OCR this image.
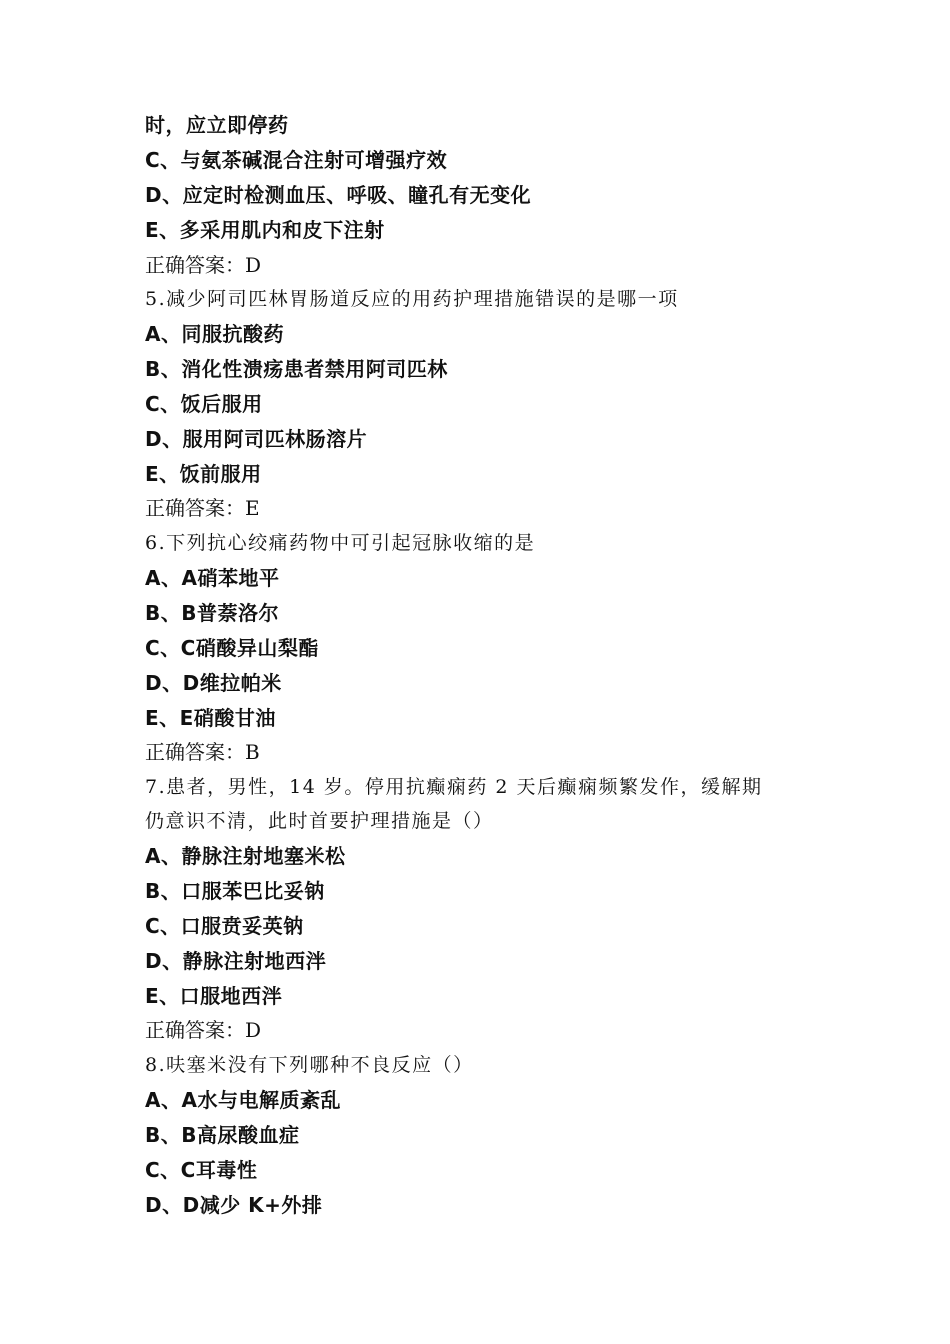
时，应立即停药

C、与氨茶碱混合注射可增强疗效

D、应定时检测血压、呼吸、瞳孔有无变化

E、多采用肌内和皮下注射

正确答案：D

5.减少阿司匹林胃肠道反应的用药护理措施错误的是哪一项

A、同服抗酸药

B、消化性溃疡患者禁用阿司匹林

C、饭后服用

D、服用阿司匹林肠溶片

E、饭前服用

正确答案：E

6.下列抗心绞痛药物中可引起冠脉收缩的是

A、A硝苯地平

B、B普萘洛尔

C、C硝酸异山梨酯

D、D维拉帕米

E、E硝酸甘油

正确答案：B

7.患者，男性，14 岁。停用抗癫痫药 2 天后癫痫频繁发作，缓解期

仍意识不清，此时首要护理措施是（）

A、静脉注射地塞米松

B、口服苯巴比妥钠

C、口服贲妥英钠

D、静脉注射地西泮

E、口服地西泮

正确答案：D

8.呋塞米没有下列哪种不良反应（）

A、A水与电解质紊乱

B、B高尿酸血症

C、C耳毒性

D、D减少 K+外排
